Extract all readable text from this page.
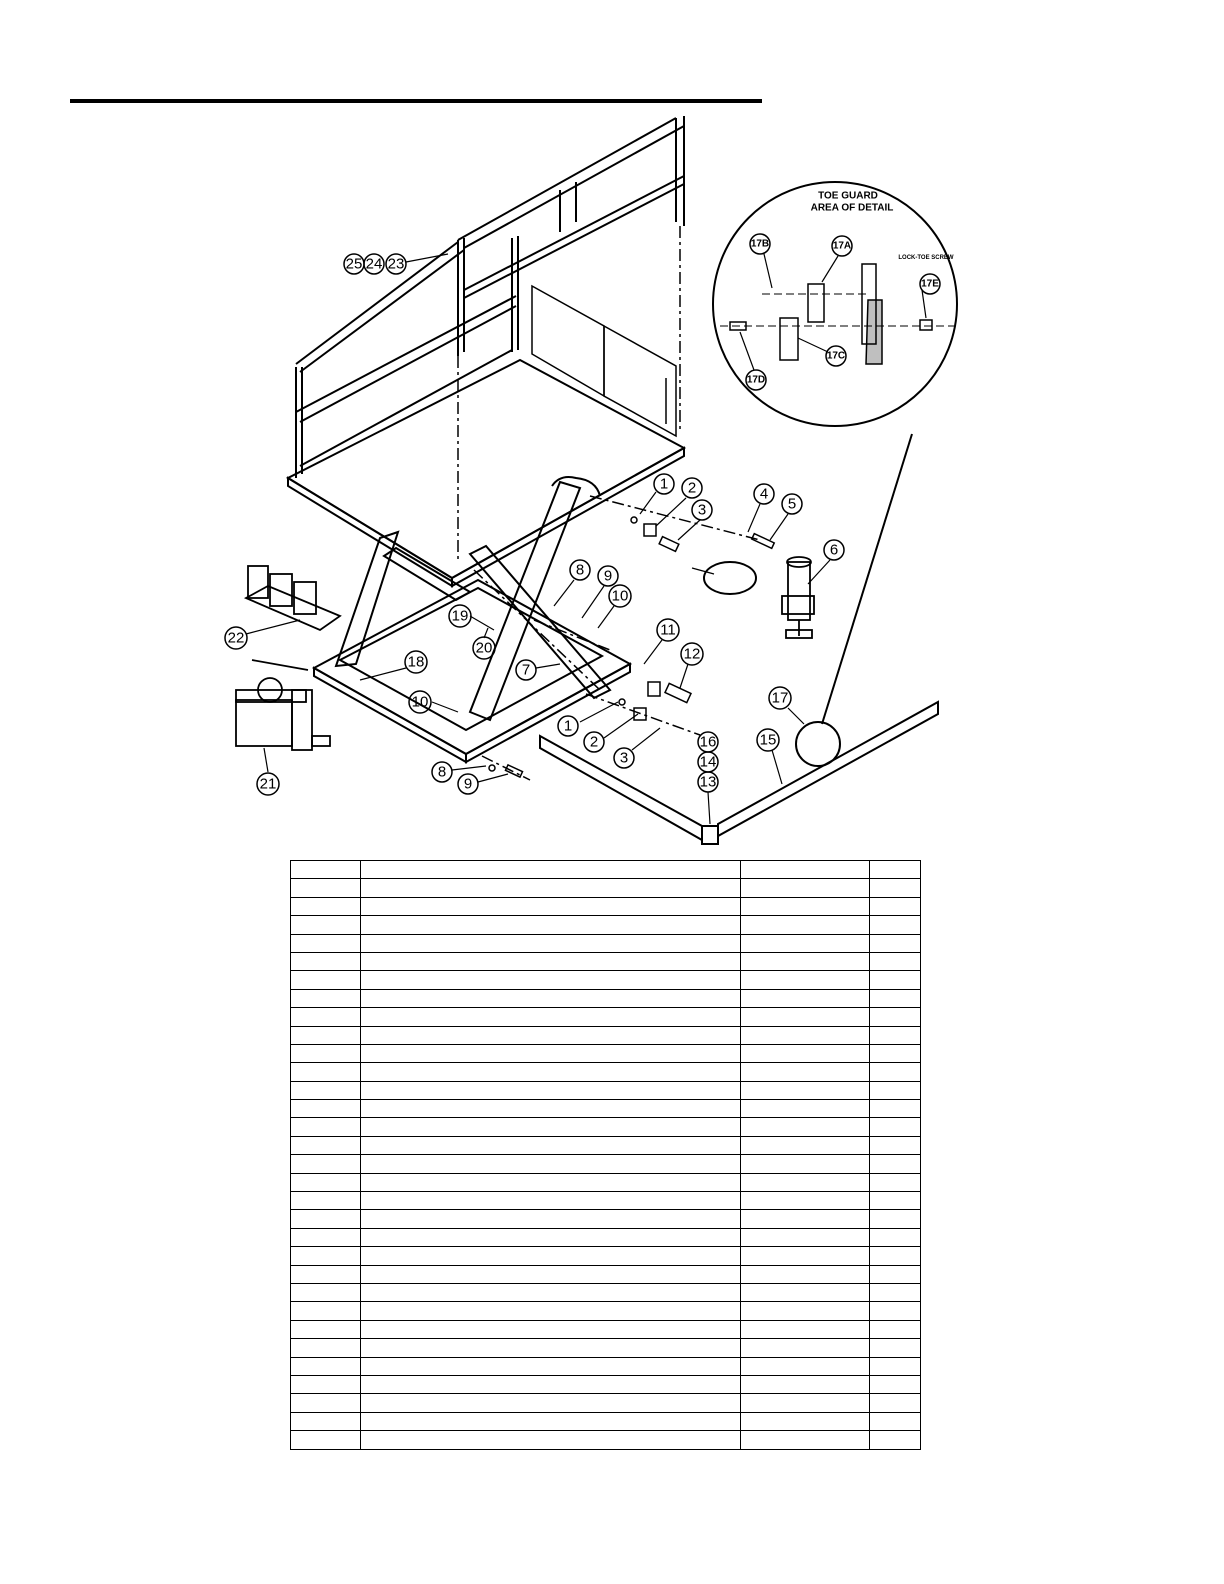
1 2
3
4
5
6
1
2
3
7
8 9
10
11
12
8
9
10
16
14
13
15
17
18
19
20
21
22
23
24
25
TOE GUARD
AREA OF DETAIL
17B	17A
17E
17C
17D
LOCK-TOE SCREW
